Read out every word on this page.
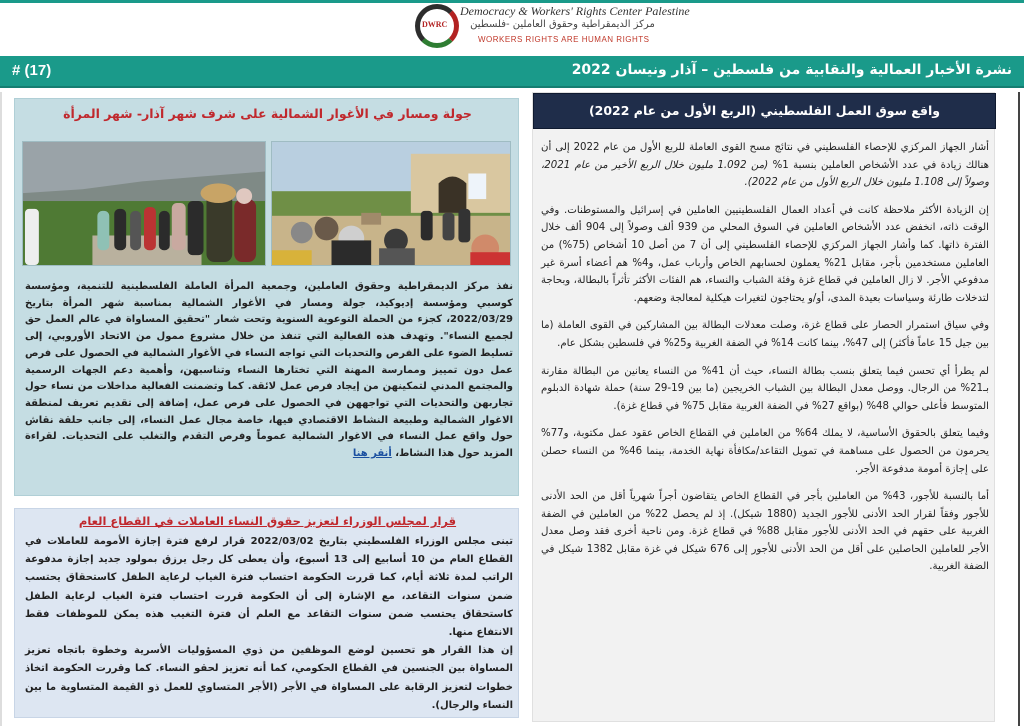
DWRC
Democracy & Workers' Rights Center Palestine
مركز الديمقراطية وحقوق العاملين -فلسطين
WORKERS RIGHTS ARE HUMAN RIGHTS
نشرة الأخبار العمالية والنقابية من فلسطين – آذار ونيسان 2022
# (17)
واقع سوق العمل الفلسطيني (الربع الأول من عام 2022)

أشار الجهاز المركزي للإحصاء الفلسطيني في نتائج مسح القوى العاملة للربع الأول من عام 2022 إلى أن هنالك زيادة في عدد الأشخاص العاملين بنسبة 1% (من 1.092 مليون خلال الربع الأخير من عام 2021، وصولاً إلى 1.108 مليون خلال الربع الأول من عام 2022).

إن الزيادة الأكثر ملاحظة كانت في أعداد العمال الفلسطينيين العاملين في إسرائيل والمستوطنات. وفي الوقت ذاته، انخفض عدد الأشخاص العاملين في السوق المحلي من 939 ألف وصولاً إلى 904 ألف خلال الفترة ذاتها. كما وأشار الجهاز المركزي للإحصاء الفلسطيني إلى أن 7 من أصل 10 أشخاص (75%) من العاملين مستخدمين بأجر، مقابل 21% يعملون لحسابهم الخاص وأرباب عمل، و4% هم أعضاء أسرة غير مدفوعي الأجر. لا زال العاملين في قطاع غزة وفئة الشباب والنساء، هم الفئات الأكثر تأثراً بالبطالة، وبحاجة لتدخلات طارئة وسياسات بعيدة المدى، أو/و يحتاجون لتغيرات هيكلية لمعالجة وضعهم.

وفي سياق استمرار الحصار على قطاع غزة، وصلت معدلات البطالة بين المشاركين في القوى العاملة (ما بين جيل 15 عاماً فأكثر) إلى 47%، بينما كانت 14% في الضفة الغربية و25% في فلسطين بشكل عام.

لم يطرأ أي تحسن فيما يتعلق بنسب بطالة النساء، حيث أن 41% من النساء يعانين من البطالة مقارنة بـ21% من الرجال. ووصل معدل البطالة بين الشباب الخريجين (ما بين 19-29 سنة) حملة شهادة الدبلوم المتوسط فأعلى حوالي 48% (بواقع 27% في الضفة الغربية مقابل 75% في قطاع غزة).

وفيما يتعلق بالحقوق الأساسية، لا يملك 64% من العاملين في القطاع الخاص عقود عمل مكتوبة، و77% يحرمون من الحصول على مساهمة في تمويل التقاعد/مكافأة نهاية الخدمة، بينما 46% من النساء حصلن على إجازة أمومة مدفوعة الأجر.

أما بالنسبة للأجور، 43% من العاملين بأجر في القطاع الخاص يتقاضون أجراً شهرياً أقل من الحد الأدنى للأجور وفقاً لقرار الحد الأدنى للأجور الجديد (1880 شيكل). إذ لم يحصل 22% من العاملين في الضفة الغربية على حقهم في الحد الأدنى للأجور مقابل 88% في قطاع غزة. ومن ناحية أخرى فقد وصل معدل الأجر للعاملين الحاصلين على أقل من الحد الأدنى للأجور إلى 676 شيكل في غزة مقابل 1382 شيكل في الضفة الغربية.

جولة ومسار في الأغوار الشمالية على شرف شهر آذار- شهر المرأة
نفذ مركز الديمقراطية وحقوق العاملين، وجمعية المرأة العاملة الفلسطينية للتنمية، ومؤسسة كوسبي ومؤسسة إديوكيد، جولة ومسار في الأغوار الشمالية بمناسبة شهر المرأة بتاريخ 2022/03/29، كجزء من الحملة التوعوية السنوية وتحت شعار "تحقيق المساواة في عالم العمل حق لجميع النساء". وتهدف هذه الفعالية التي تنفذ من خلال مشروع ممول من الاتحاد الأوروبي، إلى تسليط الضوء على الفرص والتحديات التي تواجه النساء في الأغوار الشمالية في الحصول على فرص عمل دون تمييز وممارسة المهنة التي تختارها النساء وتناسبهن، وأهمية دعم الجهات الرسمية والمجتمع المدني لتمكينهن من إيجاد فرص عمل لائقة. كما وتضمنت الفعالية مداخلات من نساء حول تجاربهن والتحديات التي تواجههن في الحصول على فرص عمل، إضافة إلى تقديم تعريف لمنطقة الاغوار الشمالية وطبيعة النشاط الاقتصادي فيها، خاصة مجال عمل النساء، إلى جانب حلقة نقاش حول واقع عمل النساء في الاغوار الشمالية عموماً وفرص التقدم والتغلب على التحديات. لقراءة المزيد حول هذا النشاط، أنقر هنا
قرار لمجلس الوزراء لتعزيز حقوق النساء العاملات في القطاع العام

تبنى مجلس الوزراء الفلسطيني بتاريخ 2022/03/02 قرار لرفع فترة إجازة الأمومة للعاملات في القطاع العام من 10 أسابيع إلى 13 أسبوع، وأن يعطى كل رجل يرزق بمولود جديد إجازة مدفوعة الراتب لمدة ثلاثة أيام، كما قررت الحكومة احتساب فترة الغياب لرعاية الطفل كاستحقاق يحتسب ضمن سنوات التقاعد، مع الإشارة إلى أن الحكومة قررت احتساب فترة الغياب لرعاية الطفل كاستحقاق يحتسب ضمن سنوات التقاعد مع العلم أن فترة التغيب هذه يمكن للموظفات فقط الانتفاع منها.

إن هذا القرار هو تحسين لوضع الموظفين من ذوي المسؤوليات الأسرية وخطوة باتجاه تعزيز المساواة بين الجنسين في القطاع الحكومي، كما أنه تعزيز لحقو النساء. كما وقررت الحكومة اتخاذ خطوات لتعزيز الرقابة على المساواة في الأجر (الأجر المتساوي للعمل ذو القيمة المتساوية ما بين النساء والرجال).
